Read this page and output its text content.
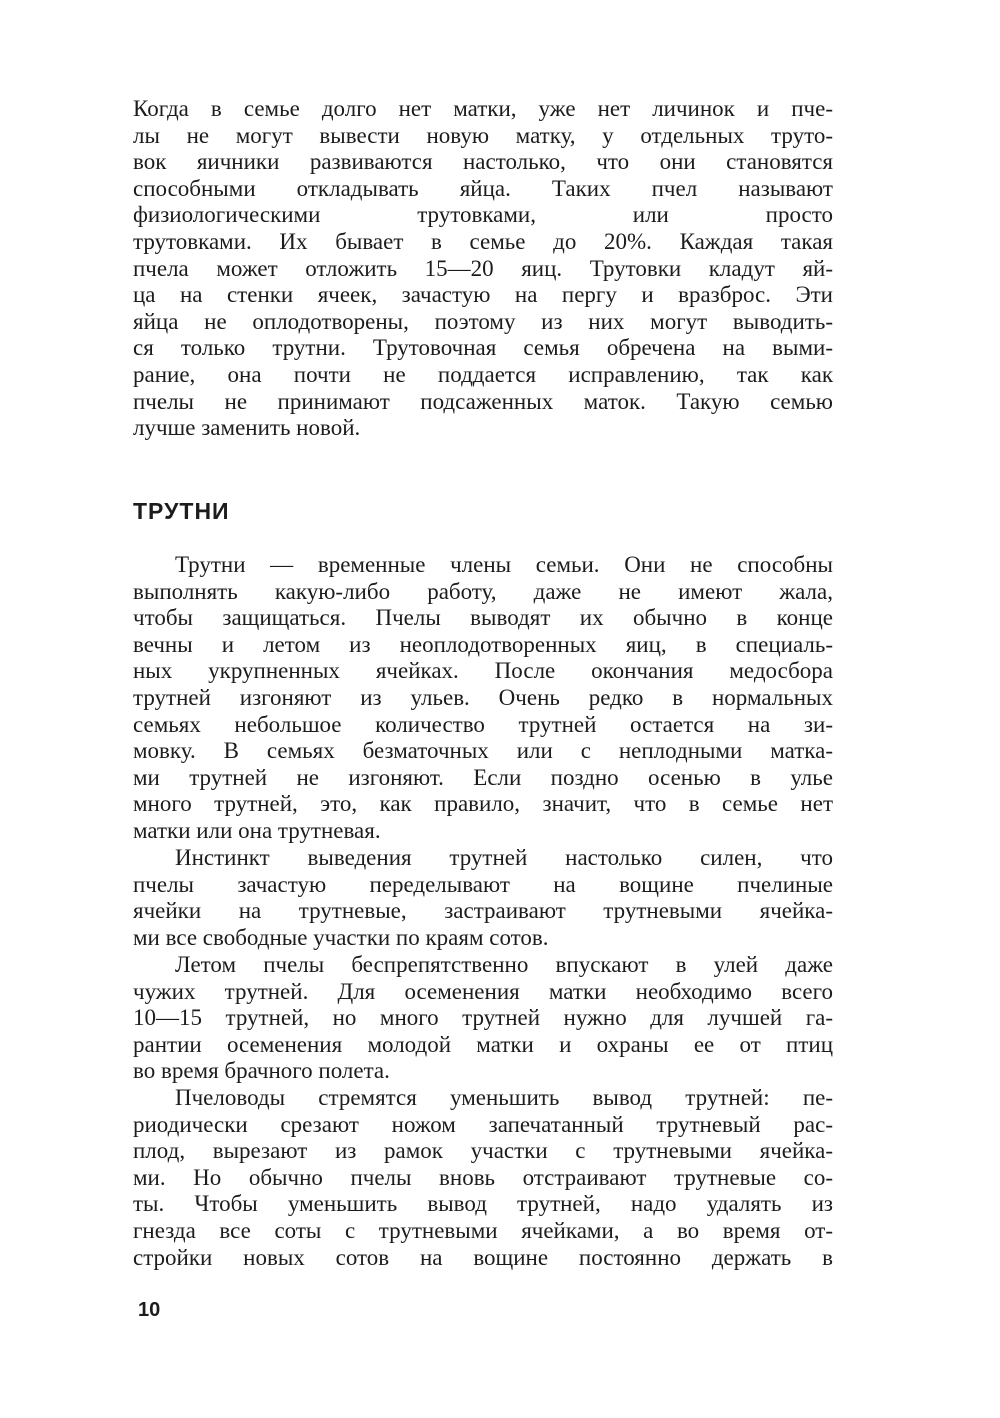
Когда в семье долго нет матки, уже нет личинок и пче-
лы не могут вывести новую матку, у отдельных труто-
вок яичники развиваются настолько, что они становятся
способными откладывать яйца. Таких пчел называют
физиологическими трутовками, или просто
трутовками. Их бывает в семье до 20%. Каждая такая
пчела может отложить 15—20 яиц. Трутовки кладут яй-
ца на стенки ячеек, зачастую на пергу и вразброс. Эти
яйца не оплодотворены, поэтому из них могут выводить-
ся только трутни. Трутовочная семья обречена на выми-
рание, она почти не поддается исправлению, так как
пчелы не принимают подсаженных маток. Такую семью
лучше заменить новой.
ТРУТНИ
Трутни — временные члены семьи. Они не способны
выполнять какую-либо работу, даже не имеют жала,
чтобы защищаться. Пчелы выводят их обычно в конце
вечны и летом из неоплодотворенных яиц, в специаль-
ных укрупненных ячейках. После окончания медосбора
трутней изгоняют из ульев. Очень редко в нормальных
семьях небольшое количество трутней остается на зи-
мовку. В семьях безматочных или с неплодными матка-
ми трутней не изгоняют. Если поздно осенью в улье
много трутней, это, как правило, значит, что в семье нет
матки или она трутневая.
Инстинкт выведения трутней настолько силен, что
пчелы зачастую переделывают на вощине пчелиные
ячейки на трутневые, застраивают трутневыми ячейка-
ми все свободные участки по краям сотов.
Летом пчелы беспрепятственно впускают в улей даже
чужих трутней. Для осеменения матки необходимо всего
10—15 трутней, но много трутней нужно для лучшей га-
рантии осеменения молодой матки и охраны ее от птиц
во время брачного полета.
Пчеловоды стремятся уменьшить вывод трутней: пе-
риодически срезают ножом запечатанный трутневый рас-
плод, вырезают из рамок участки с трутневыми ячейка-
ми. Но обычно пчелы вновь отстраивают трутневые со-
ты. Чтобы уменьшить вывод трутней, надо удалять из
гнезда все соты с трутневыми ячейками, а во время от-
стройки новых сотов на вощине постоянно держать в
10
